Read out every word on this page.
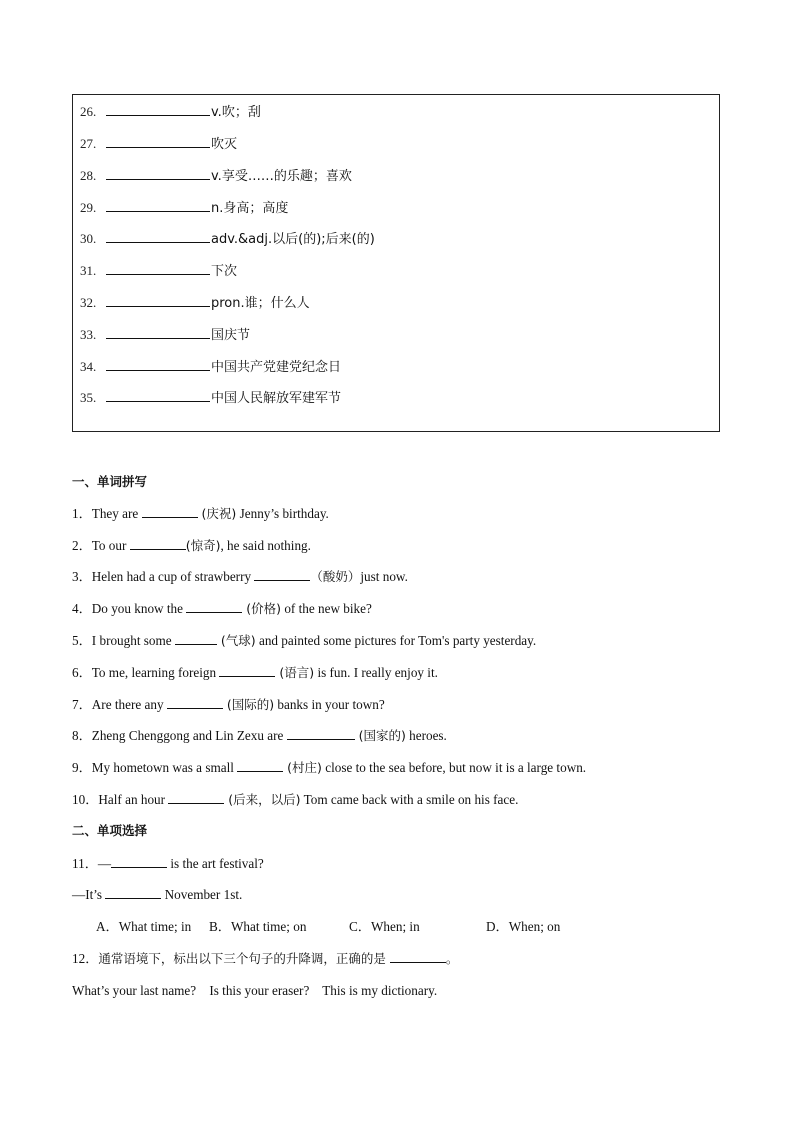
26.	v.吹；刮
27.	吹灭
28.	v.享受……的乐趣；喜欢
29.	n.身高；高度
30.	adv.&adj.以后(的);后来(的)
31.	下次
32.	pron.谁；什么人
33.	国庆节
34.	中国共产党建党纪念日
35.	中国人民解放军建军节
一、单词拼写
1．They are	(庆祝) Jenny’s birthday.
2．To our	(惊奇), he said nothing.
3．Helen had a cup of strawberry	（酸奶）just now.
4．Do you know the	(价格) of the new bike?
5．I brought some	(气球) and painted some pictures for Tom's party yesterday.
6．To me, learning foreign	(语言) is fun. I really enjoy it.
7．Are there any	(国际的) banks in your town?
8．Zheng Chenggong and Lin Zexu are	(国家的) heroes.
9．My hometown was a small	(村庄) close to the sea before, but now it is a large town.
10．Half an hour	(后来，以后) Tom came back with a smile on his face.
二、单项选择
11．—	is the art festival?
—It’s	November 1st.
A．What time; in B．What time; on	C．When; in	D．When; on
12．通常语境下，标出以下三个句子的升降调，正确的是	。
What’s your last name?    Is this your eraser?    This is my dictionary.
